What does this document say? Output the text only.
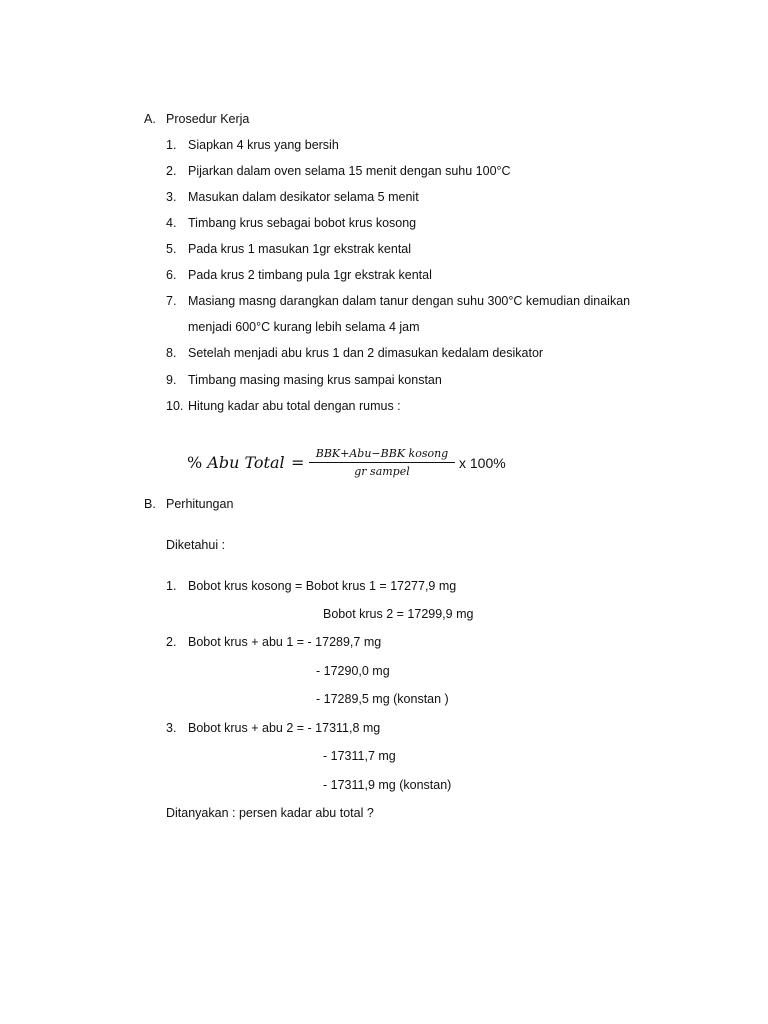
A. Prosedur Kerja
1. Siapkan 4 krus yang bersih
2. Pijarkan dalam oven selama 15 menit dengan suhu 100°C
3. Masukan dalam desikator selama 5 menit
4. Timbang krus sebagai bobot krus kosong
5. Pada krus 1 masukan 1gr ekstrak kental
6. Pada krus 2 timbang pula 1gr ekstrak kental
7. Masiang masng darangkan dalam tanur dengan suhu 300°C kemudian dinaikan
menjadi 600°C kurang lebih selama 4 jam
8. Setelah menjadi abu krus 1 dan 2 dimasukan kedalam desikator
9. Timbang masing masing krus sampai konstan
10. Hitung kadar abu total dengan rumus :
% Abu Total =	BBK+Abu−BBK kosong
gr sampel
x 100%
B. Perhitungan
Diketahui :
1. Bobot krus kosong = Bobot krus 1 = 17277,9 mg
Bobot krus 2 = 17299,9 mg
2. Bobot krus + abu 1 = - 17289,7 mg
- 17290,0 mg
- 17289,5 mg (konstan )
3. Bobot krus + abu 2 = - 17311,8 mg
- 17311,7 mg
- 17311,9 mg (konstan)
Ditanyakan : persen kadar abu total ?
